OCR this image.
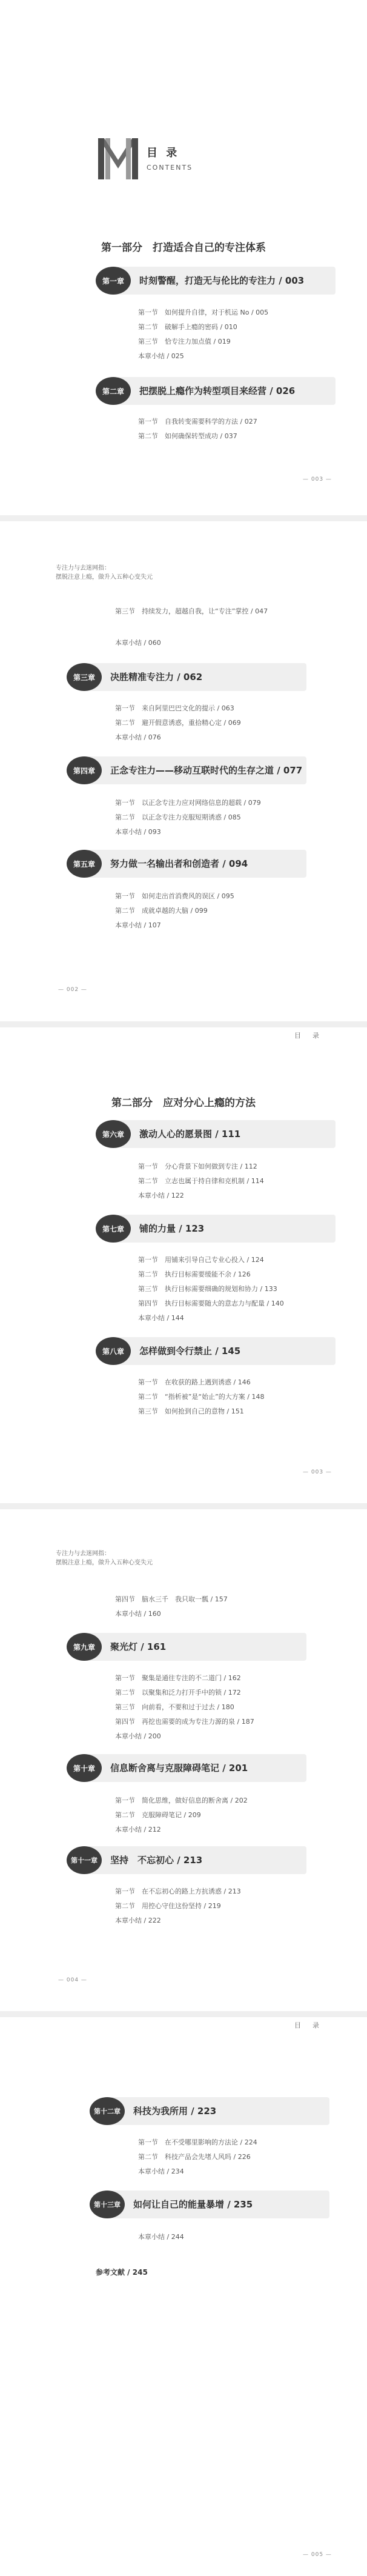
目 录
CONTENTS
第一部分　打造适合自己的专注体系
第一章	时刻警醒，打造无与伦比的专注力 / 003
第一节　如何提升自律，对于机运 No / 005
第二节　破解手上瘾的密码 / 010
第三节　恰专注力加点值 / 019
本章小结 / 025
第二章	把摆脱上瘾作为转型项目来经营 / 026
第一节　自我转变需要科学的方法 / 027
第二节　如何确保转型成功 / 037
— 003 —
专注力与去迷网指：
摆脱注意上瘾，做升入五种心变失元
第三节　持续发力，超越自我，让“专注”掌控 / 047
本章小结 / 060
第三章	决胜精准专注力 / 062
第一节　来自阿里巴巴文化的提示 / 063
第二节　避开假意诱惑，重拾精心定 / 069
本章小结 / 076
第四章	正念专注力——移动互联时代的生存之道 / 077
第一节　以正念专注力应对网络信息的超载 / 079
第二节　以正念专注力克服短期诱惑 / 085
本章小结 / 093
第五章	努力做一名输出者和创造者 / 094
第一节　如何走出首消费风的误区 / 095
第二节　成就卓越的大脑 / 099
本章小结 / 107
— 002 —
目　录
第二部分　应对分心上瘾的方法
第六章	激动人心的愿景图 / 111
第一节　分心背景下如何做到专注 / 112
第二节　立志也属于持自律和克机制 / 114
本章小结 / 122
第七章	铺的力量 / 123
第一节　用铺来引导自己专业心投入 / 124
第二节　执行目标需要缓能不余 / 126
第三节　执行目标需要细确的规划和协力 / 133
第四节　执行目标需要随大的意志力与配量 / 140
本章小结 / 144
第八章	怎样做到令行禁止 / 145
第一节　在收获的路上遇到诱惑 / 146
第二节　“指析被”是“始止”的大方案 / 148
第三节　如何抢到自己的意物 / 151
— 003 —
专注力与去迷网指：
摆脱注意上瘾，做升入五种心变失元
第四节　脑水三千　我只取一瓢 / 157
本章小结 / 160
第九章	聚光灯 / 161
第一节　聚集是通往专注的不二道门 / 162
第二节　以聚集和泛力打开手中的锁 / 172
第三节　向前看，不要和过于过去 / 180
第四节　再挖也需要的成为专注力源的泉 / 187
本章小结 / 200
第十章	信息断舍离与克服障碍笔记 / 201
第一节　简化思维，做好信息的断舍离 / 202
第二节　克服障碍笔记 / 209
本章小结 / 212
第十一章	坚持　不忘初心 / 213
第一节　在不忘初心的路上方抗诱惑 / 213
第二节　用控心守住这份坚持 / 219
本章小结 / 222
— 004 —
目　录
第十二章	科技为我所用 / 223
第一节　在不受哪里影响的方法论 / 224
第二节　科技产品会先堵人风吗 / 226
本章小结 / 234
第十三章	如何让自己的能量暴增 / 235
本章小结 / 244
参考文献 / 245
— 005 —
